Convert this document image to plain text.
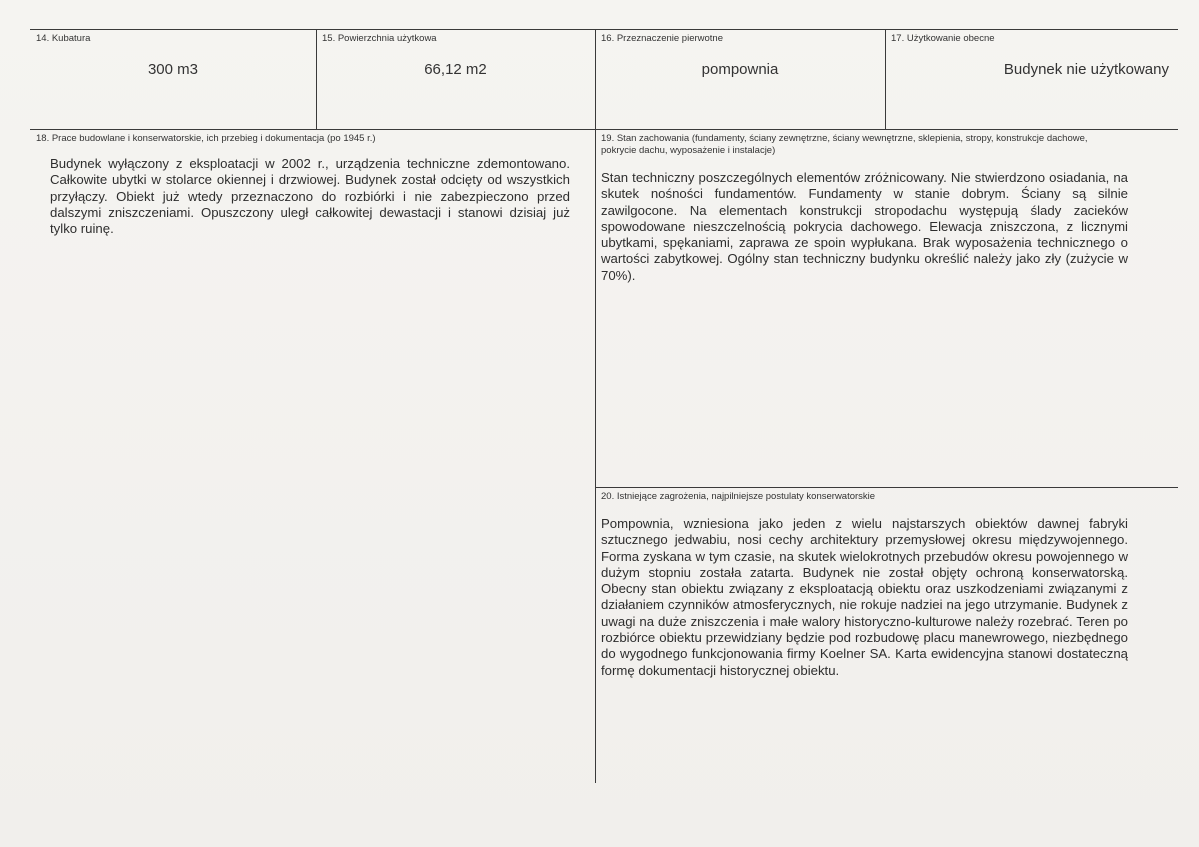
14. Kubatura
300 m3
15. Powierzchnia użytkowa
66,12 m2
16. Przeznaczenie pierwotne
pompownia
17. Użytkowanie obecne
Budynek nie użytkowany
18. Prace budowlane i konserwatorskie, ich przebieg i dokumentacja (po 1945 r.)
Budynek wyłączony z eksploatacji w 2002 r., urządzenia techniczne zdemontowano. Całkowite ubytki w stolarce okiennej i drzwiowej. Budynek został odcięty od wszystkich przyłączy. Obiekt już wtedy przeznaczono do rozbiórki i nie zabezpieczono przed dalszymi zniszczeniami. Opuszczony uległ całkowitej dewastacji i stanowi dzisiaj już tylko ruinę.
19. Stan zachowania (fundamenty, ściany zewnętrzne, ściany wewnętrzne, sklepienia, stropy, konstrukcje dachowe, pokrycie dachu, wyposażenie i instalacje)
Stan techniczny poszczególnych elementów zróżnicowany. Nie stwierdzono osiadania, na skutek nośności fundamentów. Fundamenty w stanie dobrym. Ściany są silnie zawilgocone. Na elementach konstrukcji stropodachu występują ślady zacieków spowodowane nieszczelnością pokrycia dachowego. Elewacja zniszczona, z licznymi ubytkami, spękaniami, zaprawa ze spoin wypłukana. Brak wyposażenia technicznego o wartości zabytkowej. Ogólny stan techniczny budynku określić należy jako zły (zużycie w 70%).
20. Istniejące zagrożenia, najpilniejsze postulaty konserwatorskie
Pompownia, wzniesiona jako jeden z wielu najstarszych obiektów dawnej fabryki sztucznego jedwabiu, nosi cechy architektury przemysłowej okresu międzywojennego. Forma zyskana w tym czasie, na skutek wielokrotnych przebudów okresu powojennego w dużym stopniu została zatarta. Budynek nie został objęty ochroną konserwatorską. Obecny stan obiektu związany z eksploatacją obiektu oraz uszkodzeniami związanymi z działaniem czynników atmosferycznych, nie rokuje nadziei na jego utrzymanie. Budynek z uwagi na duże zniszczenia i małe walory historyczno-kulturowe należy rozebrać. Teren po rozbiórce obiektu przewidziany będzie pod rozbudowę placu manewrowego, niezbędnego do wygodnego funkcjonowania firmy Koelner SA. Karta ewidencyjna stanowi dostateczną formę dokumentacji historycznej obiektu.
